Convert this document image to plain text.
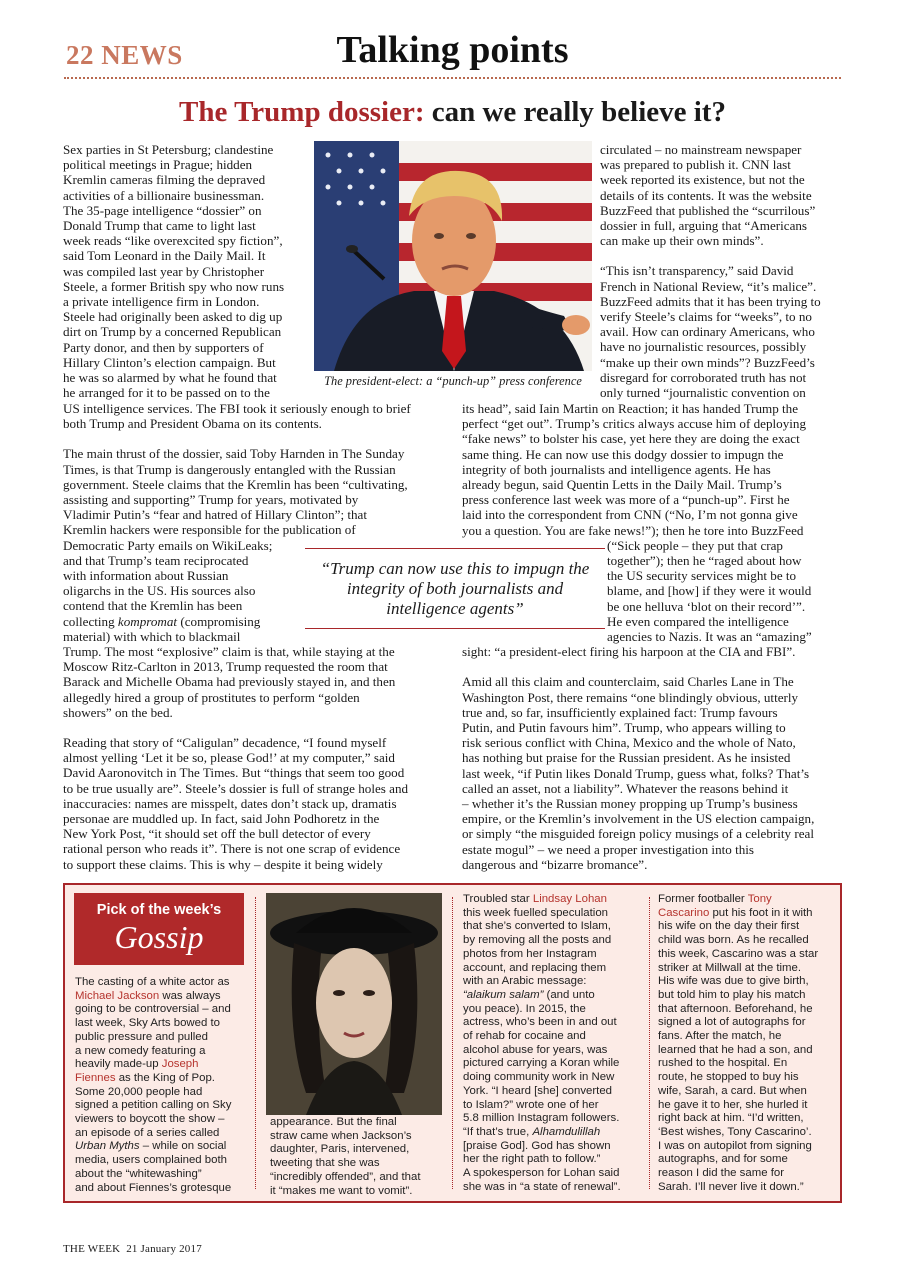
22 NEWS	Talking points
The Trump dossier: can we really believe it?

Sex parties in St Petersburg; clandestine

political meetings in Prague; hidden

Kremlin cameras filming the depraved

activities of a billionaire businessman.

The 35-page intelligence “dossier” on

Donald Trump that came to light last

week reads “like overexcited spy fiction”,

said Tom Leonard in the Daily Mail. It

was compiled last year by Christopher

Steele, a former British spy who now runs

a private intelligence firm in London.

Steele had originally been asked to dig up

dirt on Trump by a concerned Republican

Party donor, and then by supporters of

Hillary Clinton’s election campaign. But

he was so alarmed by what he found that

he arranged for it to be passed on to the

US intelligence services. The FBI took it seriously enough to brief

both Trump and President Obama on its contents.

The main thrust of the dossier, said Toby Harnden in The Sunday

Times, is that Trump is dangerously entangled with the Russian

government. Steele claims that the Kremlin has been “cultivating,

assisting and supporting” Trump for years, motivated by

Vladimir Putin’s “fear and hatred of Hillary Clinton”; that

Kremlin hackers were responsible for the publication of

Democratic Party emails on WikiLeaks;

and that Trump’s team reciprocated

with information about Russian

oligarchs in the US. His sources also

contend that the Kremlin has been

collecting kompromat (compromising

material) with which to blackmail

Trump. The most “explosive” claim is that, while staying at the

Moscow Ritz-Carlton in 2013, Trump requested the room that

Barack and Michelle Obama had previously stayed in, and then

allegedly hired a group of prostitutes to perform “golden

showers” on the bed.

Reading that story of “Caligulan” decadence, “I found myself

almost yelling ‘Let it be so, please God!’ at my computer,” said

David Aaronovitch in The Times. But “things that seem too good

to be true usually are”. Steele’s dossier is full of strange holes and

inaccuracies: names are misspelt, dates don’t stack up, dramatis

personae are muddled up. In fact, said John Podhoretz in the

New York Post, “it should set off the bull detector of every

rational person who reads it”. There is not one scrap of evidence

to support these claims. This is why – despite it being widely

circulated – no mainstream newspaper

was prepared to publish it. CNN last

week reported its existence, but not the

details of its contents. It was the website

BuzzFeed that published the “scurrilous”

dossier in full, arguing that “Americans

can make up their own minds”.

“This isn’t transparency,” said David

French in National Review, “it’s malice”.

BuzzFeed admits that it has been trying to

verify Steele’s claims for “weeks”, to no

avail. How can ordinary Americans, who

have no journalistic resources, possibly

“make up their own minds”? BuzzFeed’s

disregard for corroborated truth has not

only turned “journalistic convention on

its head”, said Iain Martin on Reaction; it has handed Trump the

perfect “get out”. Trump’s critics always accuse him of deploying

“fake news” to bolster his case, yet here they are doing the exact

same thing. He can now use this dodgy dossier to impugn the

integrity of both journalists and intelligence agents. He has

already begun, said Quentin Letts in the Daily Mail. Trump’s

press conference last week was more of a “punch-up”. First he

laid into the correspondent from CNN (“No, I’m not gonna give

you a question. You are fake news!”); then he tore into BuzzFeed

(“Sick people – they put that crap

together”); then he “raged about how

the US security services might be to

blame, and [how] if they were it would

be one helluva ‘blot on their record’”.

He even compared the intelligence

agencies to Nazis. It was an “amazing”

sight: “a president-elect firing his harpoon at the CIA and FBI”.

Amid all this claim and counterclaim, said Charles Lane in The

Washington Post, there remains “one blindingly obvious, utterly

true and, so far, insufficiently explained fact: Trump favours

Putin, and Putin favours him”. Trump, who appears willing to

risk serious conflict with China, Mexico and the whole of Nato,

has nothing but praise for the Russian president. As he insisted

last week, “if Putin likes Donald Trump, guess what, folks? That’s

called an asset, not a liability”. Whatever the reasons behind it

– whether it’s the Russian money propping up Trump’s business

empire, or the Kremlin’s involvement in the US election campaign,

or simply “the misguided foreign policy musings of a celebrity real

estate mogul” – we need a proper investigation into this

dangerous and “bizarre bromance”.

The president-elect: a “punch-up” press conference
“Trump can now use this to impugn the integrity of both journalists and intelligence agents”
Pick of the week’s
Gossip

The casting of a white actor as

Michael Jackson was always

going to be controversial – and

last week, Sky Arts bowed to

public pressure and pulled

a new comedy featuring a

heavily made-up Joseph

Fiennes as the King of Pop.

Some 20,000 people had

signed a petition calling on Sky

viewers to boycott the show –

an episode of a series called

Urban Myths – while on social

media, users complained both

about the “whitewashing”

and about Fiennes’s grotesque

appearance. But the final

straw came when Jackson’s

daughter, Paris, intervened,

tweeting that she was

“incredibly offended”, and that

it “makes me want to vomit”.

Troubled star Lindsay Lohan

this week fuelled speculation

that she’s converted to Islam,

by removing all the posts and

photos from her Instagram

account, and replacing them

with an Arabic message:

“alaikum salam” (and unto

you peace). In 2015, the

actress, who’s been in and out

of rehab for cocaine and

alcohol abuse for years, was

pictured carrying a Koran while

doing community work in New

York. “I heard [she] converted

to Islam?” wrote one of her

5.8 million Instagram followers.

“If that’s true, Alhamdulillah

[praise God]. God has shown

her the right path to follow.”

A spokesperson for Lohan said

she was in “a state of renewal”.

Former footballer Tony

Cascarino put his foot in it with

his wife on the day their first

child was born. As he recalled

this week, Cascarino was a star

striker at Millwall at the time.

His wife was due to give birth,

but told him to play his match

that afternoon. Beforehand, he

signed a lot of autographs for

fans. After the match, he

learned that he had a son, and

rushed to the hospital. En

route, he stopped to buy his

wife, Sarah, a card. But when

he gave it to her, she hurled it

right back at him. “I’d written,

‘Best wishes, Tony Cascarino’.

I was on autopilot from signing

autographs, and for some

reason I did the same for

Sarah. I’ll never live it down.”

THE WEEK  21 January 2017
